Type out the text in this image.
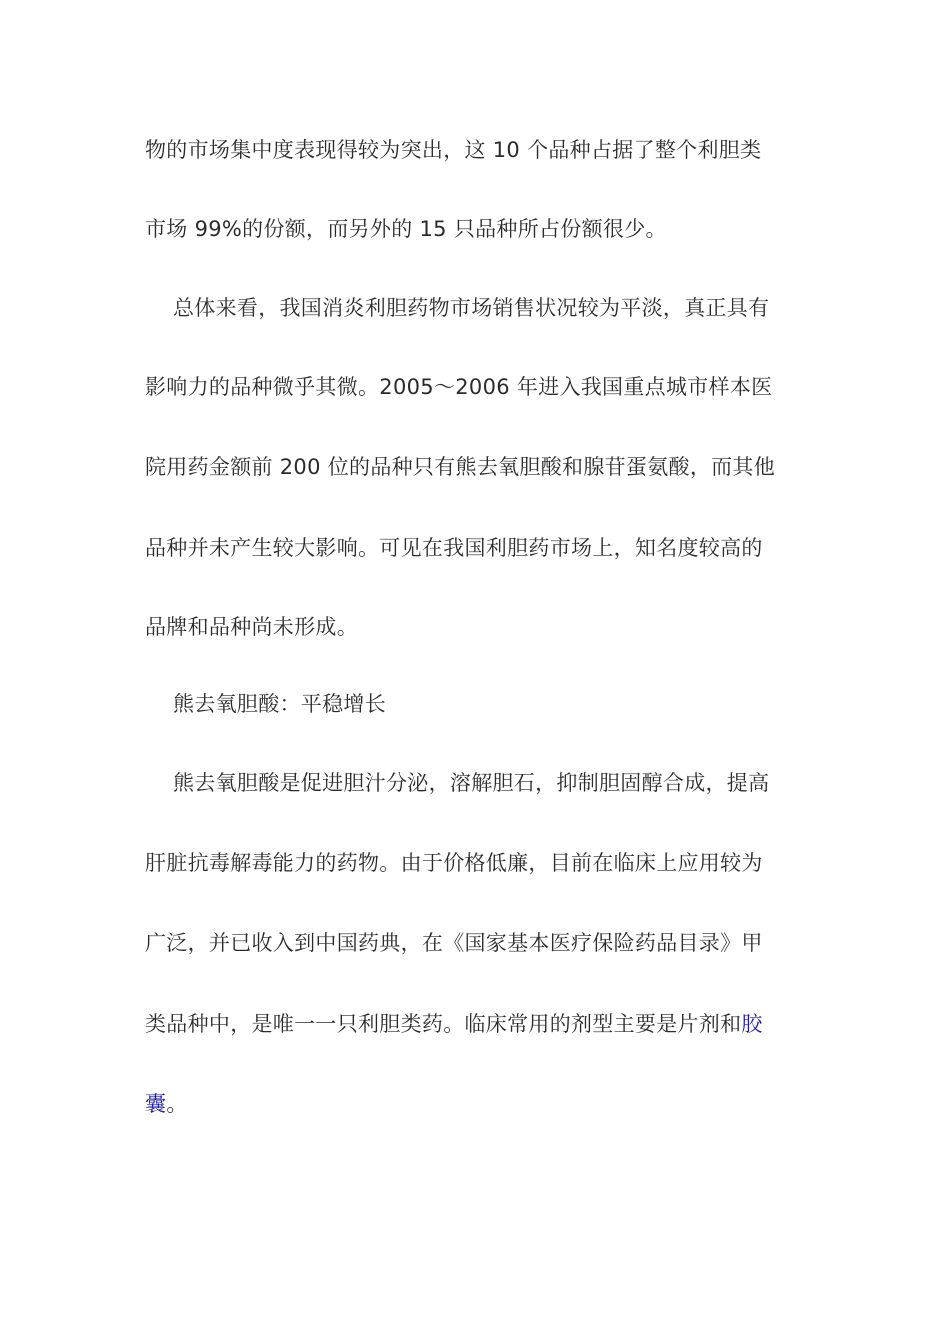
物的市场集中度表现得较为突出，这 10 个品种占据了整个利胆类
市场 99%的份额，而另外的 15 只品种所占份额很少。
总体来看，我国消炎利胆药物市场销售状况较为平淡，真正具有
影响力的品种微乎其微。2005～2006 年进入我国重点城市样本医
院用药金额前 200 位的品种只有熊去氧胆酸和腺苷蛋氨酸，而其他
品种并未产生较大影响。可见在我国利胆药市场上，知名度较高的
品牌和品种尚未形成。
熊去氧胆酸：平稳增长
熊去氧胆酸是促进胆汁分泌，溶解胆石，抑制胆固醇合成，提高
肝脏抗毒解毒能力的药物。由于价格低廉，目前在临床上应用较为
广泛，并已收入到中国药典，在《国家基本医疗保险药品目录》甲
类品种中，是唯一一只利胆类药。临床常用的剂型主要是片剂和胶
囊。
